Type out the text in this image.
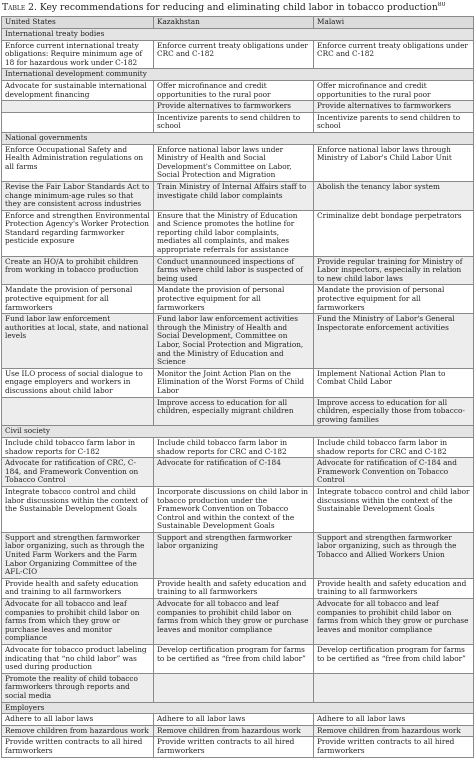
Table 2. Key recommendations for reducing and eliminating child labor in tobacco production$^{80}$
United States	Kazakhstan	Malawi
International treaty bodies		
Enforce current international treaty obligations: Require minimum age of 18 for hazardous work under C-182	Enforce current treaty obligations under CRC and C-182	Enforce current treaty obligations under CRC and C-182
International development community		
Advocate for sustainable international development financing	Offer microfinance and credit opportunities to the rural poor	Offer microfinance and credit opportunities to the rural poor
	Provide alternatives to farmworkers	Provide alternatives to farmworkers
	Incentivize parents to send children to school	Incentivize parents to send children to school
National governments		
Enforce Occupational Safety and Health Administration regulations on all farms	Enforce national labor laws under Ministry of Health and Social Development's Committee on Labor, Social Protection and Migration	Enforce national labor laws through Ministry of Labor's Child Labor Unit
Revise the Fair Labor Standards Act to change minimum-age rules so that they are consistent across industries	Train Ministry of Internal Affairs staff to investigate child labor complaints	Abolish the tenancy labor system
Enforce and strengthen Environmental Protection Agency's Worker Protection Standard regarding farmworker pesticide exposure	Ensure that the Ministry of Education and Science promotes the hotline for reporting child labor complaints, mediates all complaints, and makes appropriate referrals for assistance	Criminalize debt bondage perpetrators
Create an HO/A to prohibit children from working in tobacco production	Conduct unannounced inspections of farms where child labor is suspected of being used	Provide regular training for Ministry of Labor inspectors, especially in relation to new child labor laws
Mandate the provision of personal protective equipment for all farmworkers	Mandate the provision of personal protective equipment for all farmworkers	Mandate the provision of personal protective equipment for all farmworkers
Fund labor law enforcement authorities at local, state, and national levels	Fund labor law enforcement activities through the Ministry of Health and Social Development, Committee on Labor, Social Protection and Migration, and the Ministry of Education and Science	Fund the Ministry of Labor's General Inspectorate enforcement activities
Use ILO process of social dialogue to engage employers and workers in discussions about child labor	Monitor the Joint Action Plan on the Elimination of the Worst Forms of Child Labor	Implement National Action Plan to Combat Child Labor
	Improve access to education for all children, especially migrant children	Improve access to education for all children, especially those from tobacco-growing families
Civil society		
Include child tobacco farm labor in shadow reports for C-182	Include child tobacco farm labor in shadow reports for CRC and C-182	Include child tobacco farm labor in shadow reports for CRC and C-182
Advocate for ratification of CRC, C-184, and Framework Convention on Tobacco Control	Advocate for ratification of C-184	Advocate for ratification of C-184 and Framework Convention on Tobacco Control
Integrate tobacco control and child labor discussions within the context of the Sustainable Development Goals	Incorporate discussions on child labor in tobacco production under the Framework Convention on Tobacco Control and within the context of the Sustainable Development Goals	Integrate tobacco control and child labor discussions within the context of the Sustainable Development Goals
Support and strengthen farmworker labor organizing, such as through the United Farm Workers and the Farm Labor Organizing Committee of the AFL-CIO	Support and strengthen farmworker labor organizing	Support and strengthen farmworker labor organizing, such as through the Tobacco and Allied Workers Union
Provide health and safety education and training to all farmworkers	Provide health and safety education and training to all farmworkers	Provide health and safety education and training to all farmworkers
Advocate for all tobacco and leaf companies to prohibit child labor on farms from which they grow or purchase leaves and monitor compliance	Advocate for all tobacco and leaf companies to prohibit child labor on farms from which they grow or purchase leaves and monitor compliance	Advocate for all tobacco and leaf companies to prohibit child labor on farms from which they grow or purchase leaves and monitor compliance
Advocate for tobacco product labeling indicating that “no child labor” was used during production	Develop certification program for farms to be certified as “free from child labor”	Develop certification program for farms to be certified as “free from child labor”
Promote the reality of child tobacco farmworkers through reports and social media		
Employers		
Adhere to all labor laws	Adhere to all labor laws	Adhere to all labor laws
Remove children from hazardous work	Remove children from hazardous work	Remove children from hazardous work
Provide written contracts to all hired farmworkers	Provide written contracts to all hired farmworkers	Provide written contracts to all hired farmworkers
